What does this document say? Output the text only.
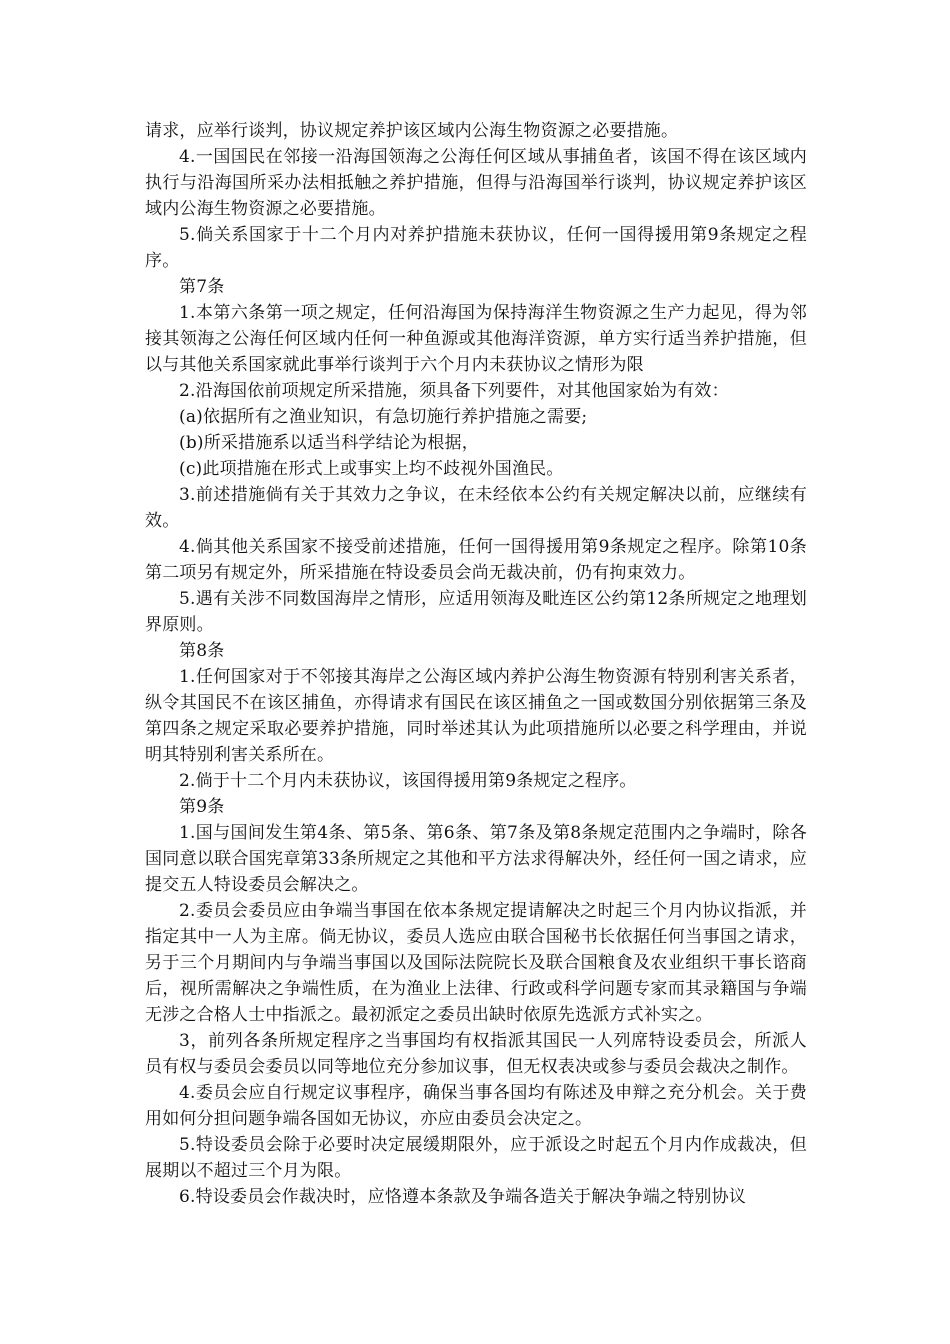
请求，应举行谈判，协议规定养护该区域内公海生物资源之必要措施。

4.一国国民在邻接一沿海国领海之公海任何区域从事捕鱼者，该国不得在该区域内执行与沿海国所采办法相抵触之养护措施，但得与沿海国举行谈判，协议规定养护该区域内公海生物资源之必要措施。

5.倘关系国家于十二个月内对养护措施未获协议，任何一国得援用第9条规定之程序。

第7条

1.本第六条第一项之规定，任何沿海国为保持海洋生物资源之生产力起见，得为邻接其领海之公海任何区域内任何一种鱼源或其他海洋资源，单方实行适当养护措施，但以与其他关系国家就此事举行谈判于六个月内未获协议之情形为限

2.沿海国依前项规定所采措施，须具备下列要件，对其他国家始为有效：

(a)依据所有之渔业知识，有急切施行养护措施之需要;

(b)所采措施系以适当科学结论为根据，

(c)此项措施在形式上或事实上均不歧视外国渔民。

3.前述措施倘有关于其效力之争议，在未经依本公约有关规定解决以前，应继续有效。

4.倘其他关系国家不接受前述措施，任何一国得援用第9条规定之程序。除第10条第二项另有规定外，所采措施在特设委员会尚无裁决前，仍有拘束效力。

5.遇有关涉不同数国海岸之情形，应适用领海及毗连区公约第12条所规定之地理划界原则。

第8条

1.任何国家对于不邻接其海岸之公海区域内养护公海生物资源有特别利害关系者，纵令其国民不在该区捕鱼，亦得请求有国民在该区捕鱼之一国或数国分别依据第三条及第四条之规定采取必要养护措施，同时举述其认为此项措施所以必要之科学理由，并说明其特别利害关系所在。

2.倘于十二个月内未获协议，该国得援用第9条规定之程序。

第9条

1.国与国间发生第4条、第5条、第6条、第7条及第8条规定范围内之争端时，除各国同意以联合国宪章第33条所规定之其他和平方法求得解决外，经任何一国之请求，应提交五人特设委员会解决之。

2.委员会委员应由争端当事国在依本条规定提请解决之时起三个月内协议指派，并指定其中一人为主席。倘无协议，委员人选应由联合国秘书长依据任何当事国之请求，另于三个月期间内与争端当事国以及国际法院院长及联合国粮食及农业组织干事长谘商后，视所需解决之争端性质，在为渔业上法律、行政或科学问题专家而其录籍国与争端无涉之合格人士中指派之。最初派定之委员出缺时依原先选派方式补实之。

3，前列各条所规定程序之当事国均有权指派其国民一人列席特设委员会，所派人员有权与委员会委员以同等地位充分参加议事，但无权表决或参与委员会裁决之制作。

4.委员会应自行规定议事程序，确保当事各国均有陈述及申辩之充分机会。关于费用如何分担问题争端各国如无协议，亦应由委员会决定之。

5.特设委员会除于必要时决定展缓期限外，应于派设之时起五个月内作成裁决，但展期以不超过三个月为限。

6.特设委员会作裁决时，应恪遵本条款及争端各造关于解决争端之特别协议
